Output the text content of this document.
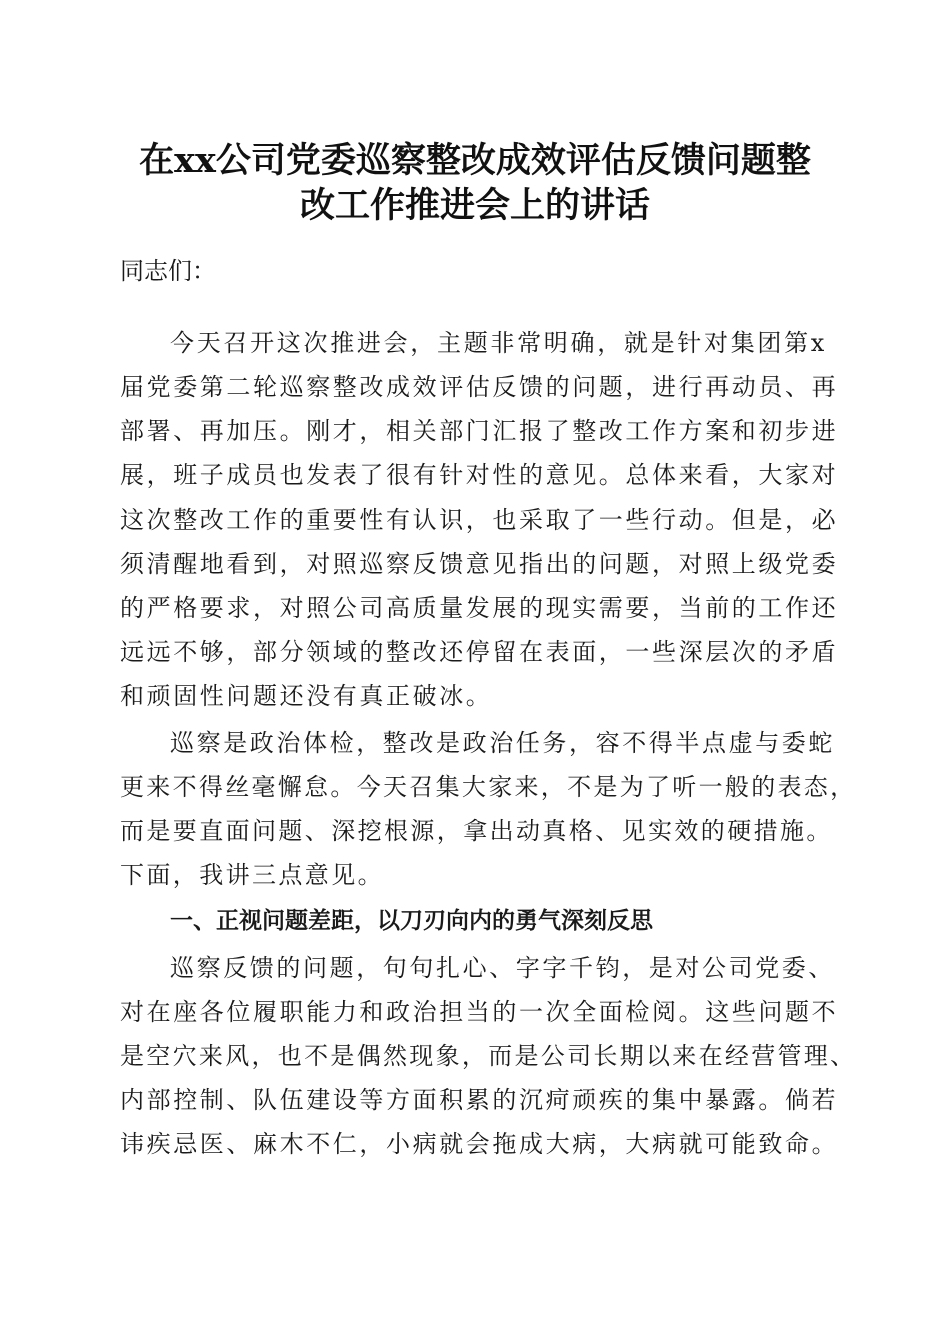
在xx公司党委巡察整改成效评估反馈问题整
改工作推进会上的讲话
同志们：
今天召开这次推进会，主题非常明确，就是针对集团第x
届党委第二轮巡察整改成效评估反馈的问题，进行再动员、再
部署、再加压。刚才，相关部门汇报了整改工作方案和初步进
展，班子成员也发表了很有针对性的意见。总体来看，大家对
这次整改工作的重要性有认识，也采取了一些行动。但是，必
须清醒地看到，对照巡察反馈意见指出的问题，对照上级党委
的严格要求，对照公司高质量发展的现实需要，当前的工作还
远远不够，部分领域的整改还停留在表面，一些深层次的矛盾
和顽固性问题还没有真正破冰。
巡察是政治体检，整改是政治任务，容不得半点虚与委蛇
更来不得丝毫懈怠。今天召集大家来，不是为了听一般的表态，
而是要直面问题、深挖根源，拿出动真格、见实效的硬措施。
下面，我讲三点意见。
一、正视问题差距，以刀刃向内的勇气深刻反思
巡察反馈的问题，句句扎心、字字千钧，是对公司党委、
对在座各位履职能力和政治担当的一次全面检阅。这些问题不
是空穴来风，也不是偶然现象，而是公司长期以来在经营管理、
内部控制、队伍建设等方面积累的沉疴顽疾的集中暴露。倘若
讳疾忌医、麻木不仁，小病就会拖成大病，大病就可能致命。
